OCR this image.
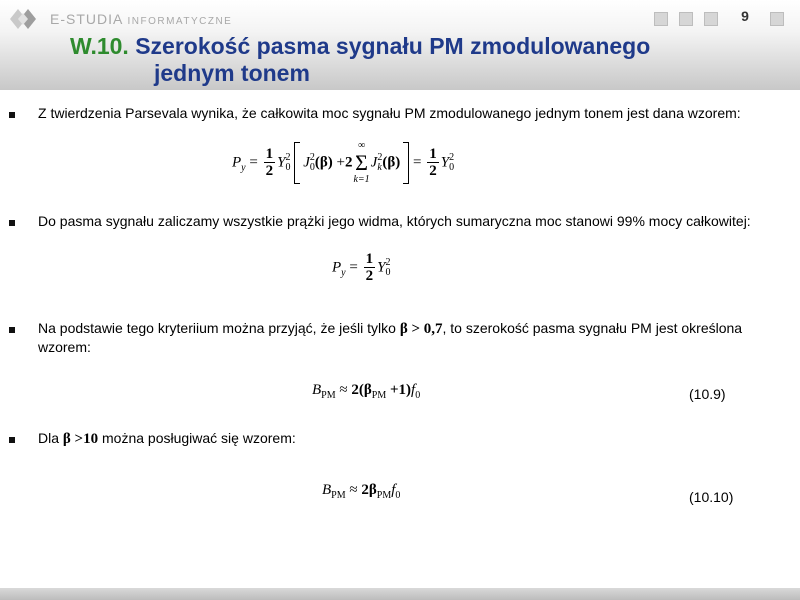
E-STUDIA INFORMATYCZNE	9
W.10. Szerokość pasma sygnału PM zmodulowanego
jednym tonem
Z twierdzenia Parsevala wynika, że całkowita moc sygnału PM zmodulowanego jednym tonem jest dana wzorem:
$P_y = \frac{1}{2}$ Y 2
0 J 2
0 (β) +2
∞
Σ
k=1
J 2
$k(\beta) = \frac{1}{2}$ Y 2
0
Do pasma sygnału zaliczamy wszystkie prążki jego widma, których sumaryczna moc stanowi 99% mocy całkowitej:
$P_y = \frac{1}{2}$ Y 2
0
Na podstawie tego kryteriium można przyjąć, że jeśli tylko β > 0,7, to szerokość pasma sygnału PM jest określona wzorem:
$B_{PM} \approx 2(\beta_{PM} +1)f_0$	(10.9)
Dla β >10 można posługiwać się wzorem:
$B_{PM} \approx 2\beta_{PM}f_0$	(10.10)
